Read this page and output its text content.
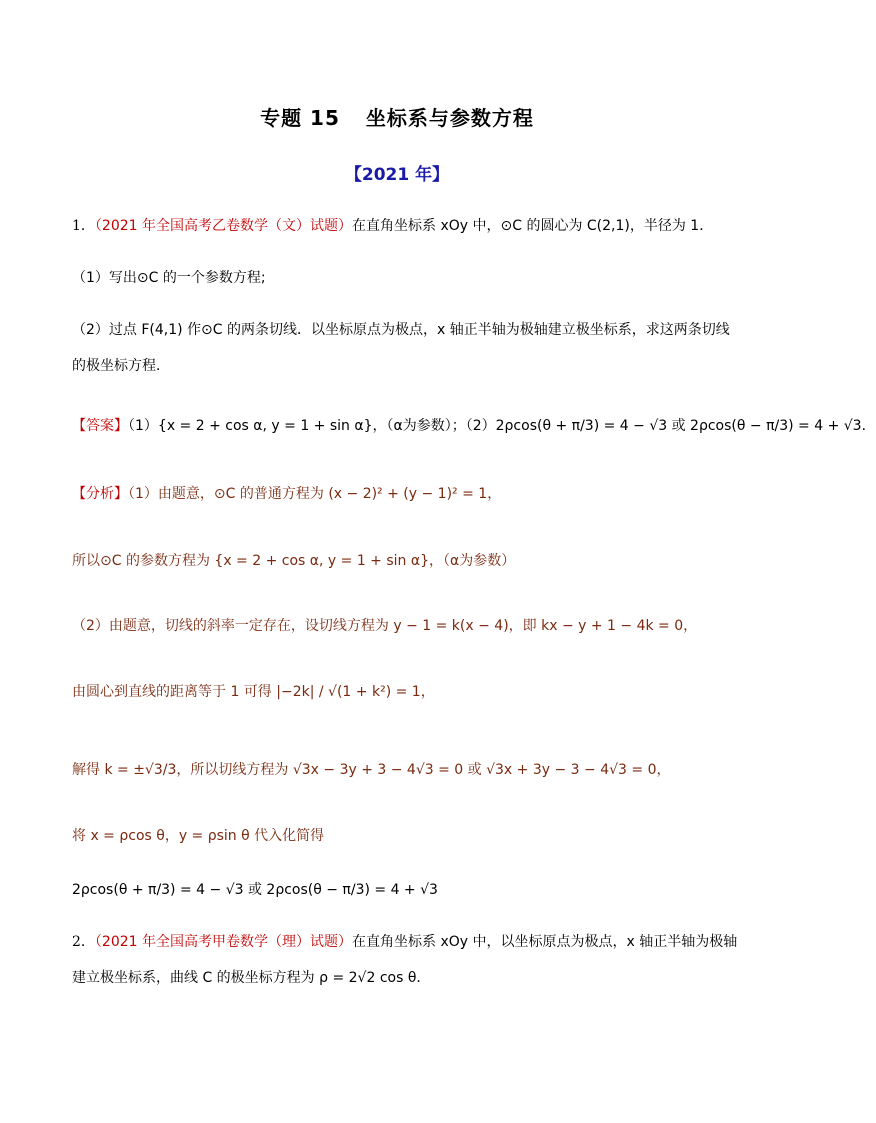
专题 15 坐标系与参数方程
【2021 年】
1．（2021 年全国高考乙卷数学（文）试题）在直角坐标系 xOy 中，⊙C 的圆心为 C(2,1)，半径为 1．
（1）写出⊙C 的一个参数方程;
（2）过点 F(4,1) 作⊙C 的两条切线．以坐标原点为极点，x 轴正半轴为极轴建立极坐标系，求这两条切线
的极坐标方程．
【答案】（1）{x = 2 + cos α, y = 1 + sin α}，（α为参数）；（2）2ρcos(θ + π/3) = 4 − √3 或 2ρcos(θ − π/3) = 4 + √3．
【分析】（1）由题意，⊙C 的普通方程为 (x − 2)² + (y − 1)² = 1，
所以⊙C 的参数方程为 {x = 2 + cos α, y = 1 + sin α}，（α为参数）
（2）由题意，切线的斜率一定存在，设切线方程为 y − 1 = k(x − 4)，即 kx − y + 1 − 4k = 0，
由圆心到直线的距离等于 1 可得 |−2k| / √(1 + k²) = 1，
解得 k = ±√3/3，所以切线方程为 √3x − 3y + 3 − 4√3 = 0 或 √3x + 3y − 3 − 4√3 = 0，
将 x = ρcos θ，y = ρsin θ 代入化简得
2ρcos(θ + π/3) = 4 − √3 或 2ρcos(θ − π/3) = 4 + √3
2．（2021 年全国高考甲卷数学（理）试题）在直角坐标系 xOy 中，以坐标原点为极点，x 轴正半轴为极轴
建立极坐标系，曲线 C 的极坐标方程为 ρ = 2√2 cos θ．
